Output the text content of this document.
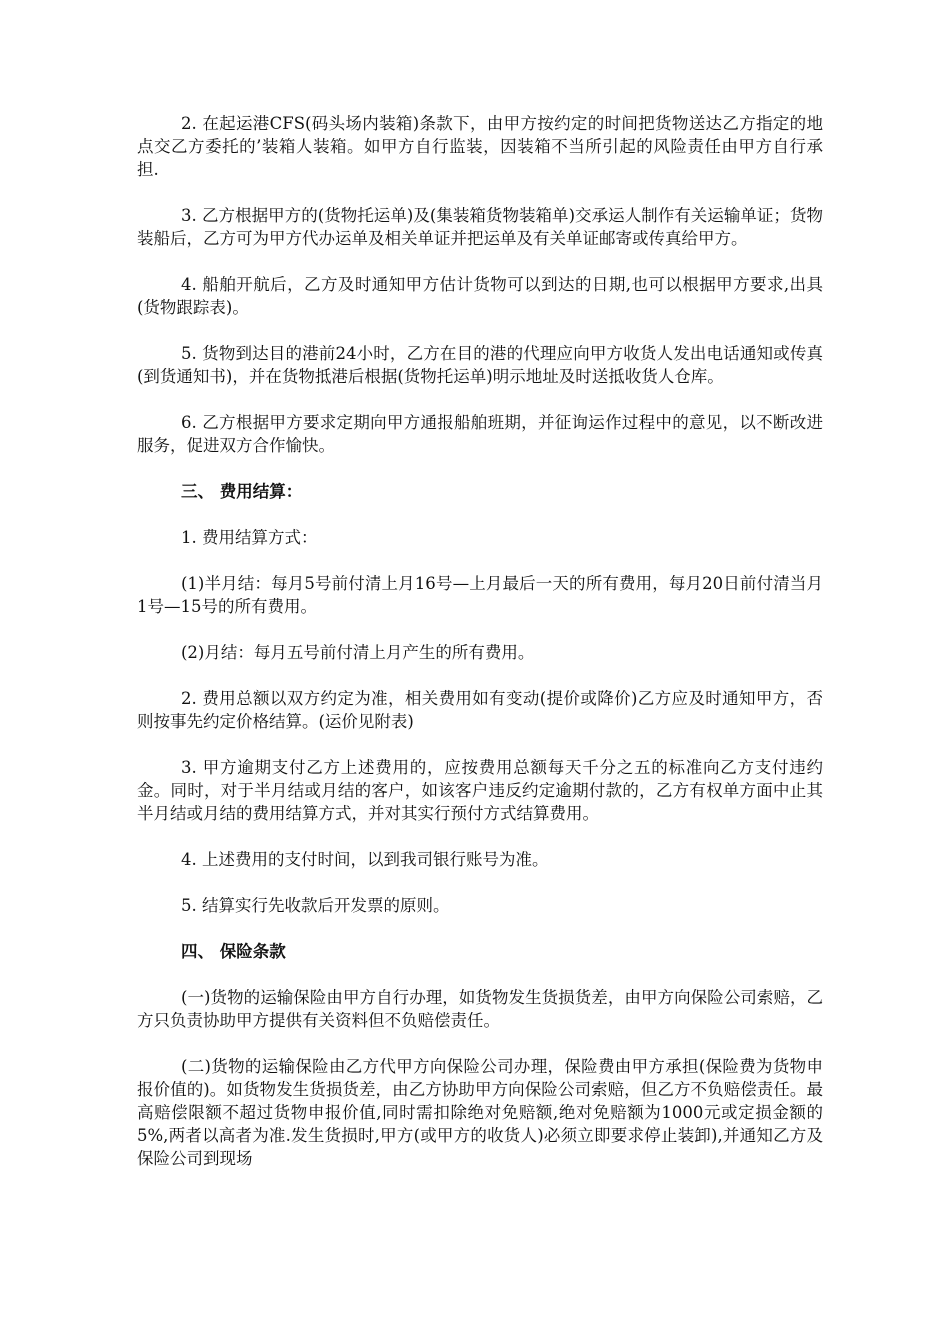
2. 在起运港CFS(码头场内装箱)条款下，由甲方按约定的时间把货物送达乙方指定的地点交乙方委托的’装箱人装箱。如甲方自行监装，因装箱不当所引起的风险责任由甲方自行承担.

3. 乙方根据甲方的(货物托运单)及(集装箱货物装箱单)交承运人制作有关运输单证；货物装船后，乙方可为甲方代办运单及相关单证并把运单及有关单证邮寄或传真给甲方。

4. 船舶开航后，乙方及时通知甲方估计货物可以到达的日期,也可以根据甲方要求,出具(货物跟踪表)。

5. 货物到达目的港前24小时，乙方在目的港的代理应向甲方收货人发出电话通知或传真(到货通知书)，并在货物抵港后根据(货物托运单)明示地址及时送抵收货人仓库。

6. 乙方根据甲方要求定期向甲方通报船舶班期，并征询运作过程中的意见，以不断改进服务，促进双方合作愉快。

三、 费用结算：

1. 费用结算方式：

(1)半月结：每月5号前付清上月16号—上月最后一天的所有费用，每月20日前付清当月1号—15号的所有费用。

(2)月结：每月五号前付清上月产生的所有费用。

2. 费用总额以双方约定为准，相关费用如有变动(提价或降价)乙方应及时通知甲方，否则按事先约定价格结算。(运价见附表)

3. 甲方逾期支付乙方上述费用的，应按费用总额每天千分之五的标准向乙方支付违约金。同时，对于半月结或月结的客户，如该客户违反约定逾期付款的，乙方有权单方面中止其半月结或月结的费用结算方式，并对其实行预付方式结算费用。

4. 上述费用的支付时间，以到我司银行账号为准。

5. 结算实行先收款后开发票的原则。

四、 保险条款

(一)货物的运输保险由甲方自行办理，如货物发生货损货差，由甲方向保险公司索赔，乙方只负责协助甲方提供有关资料但不负赔偿责任。

(二)货物的运输保险由乙方代甲方向保险公司办理，保险费由甲方承担(保险费为货物申报价值的)。如货物发生货损货差，由乙方协助甲方向保险公司索赔，但乙方不负赔偿责任。最高赔偿限额不超过货物申报价值,同时需扣除绝对免赔额,绝对免赔额为1000元或定损金额的 5%,两者以高者为准.发生货损时,甲方(或甲方的收货人)必须立即要求停止装卸),并通知乙方及保险公司到现场
